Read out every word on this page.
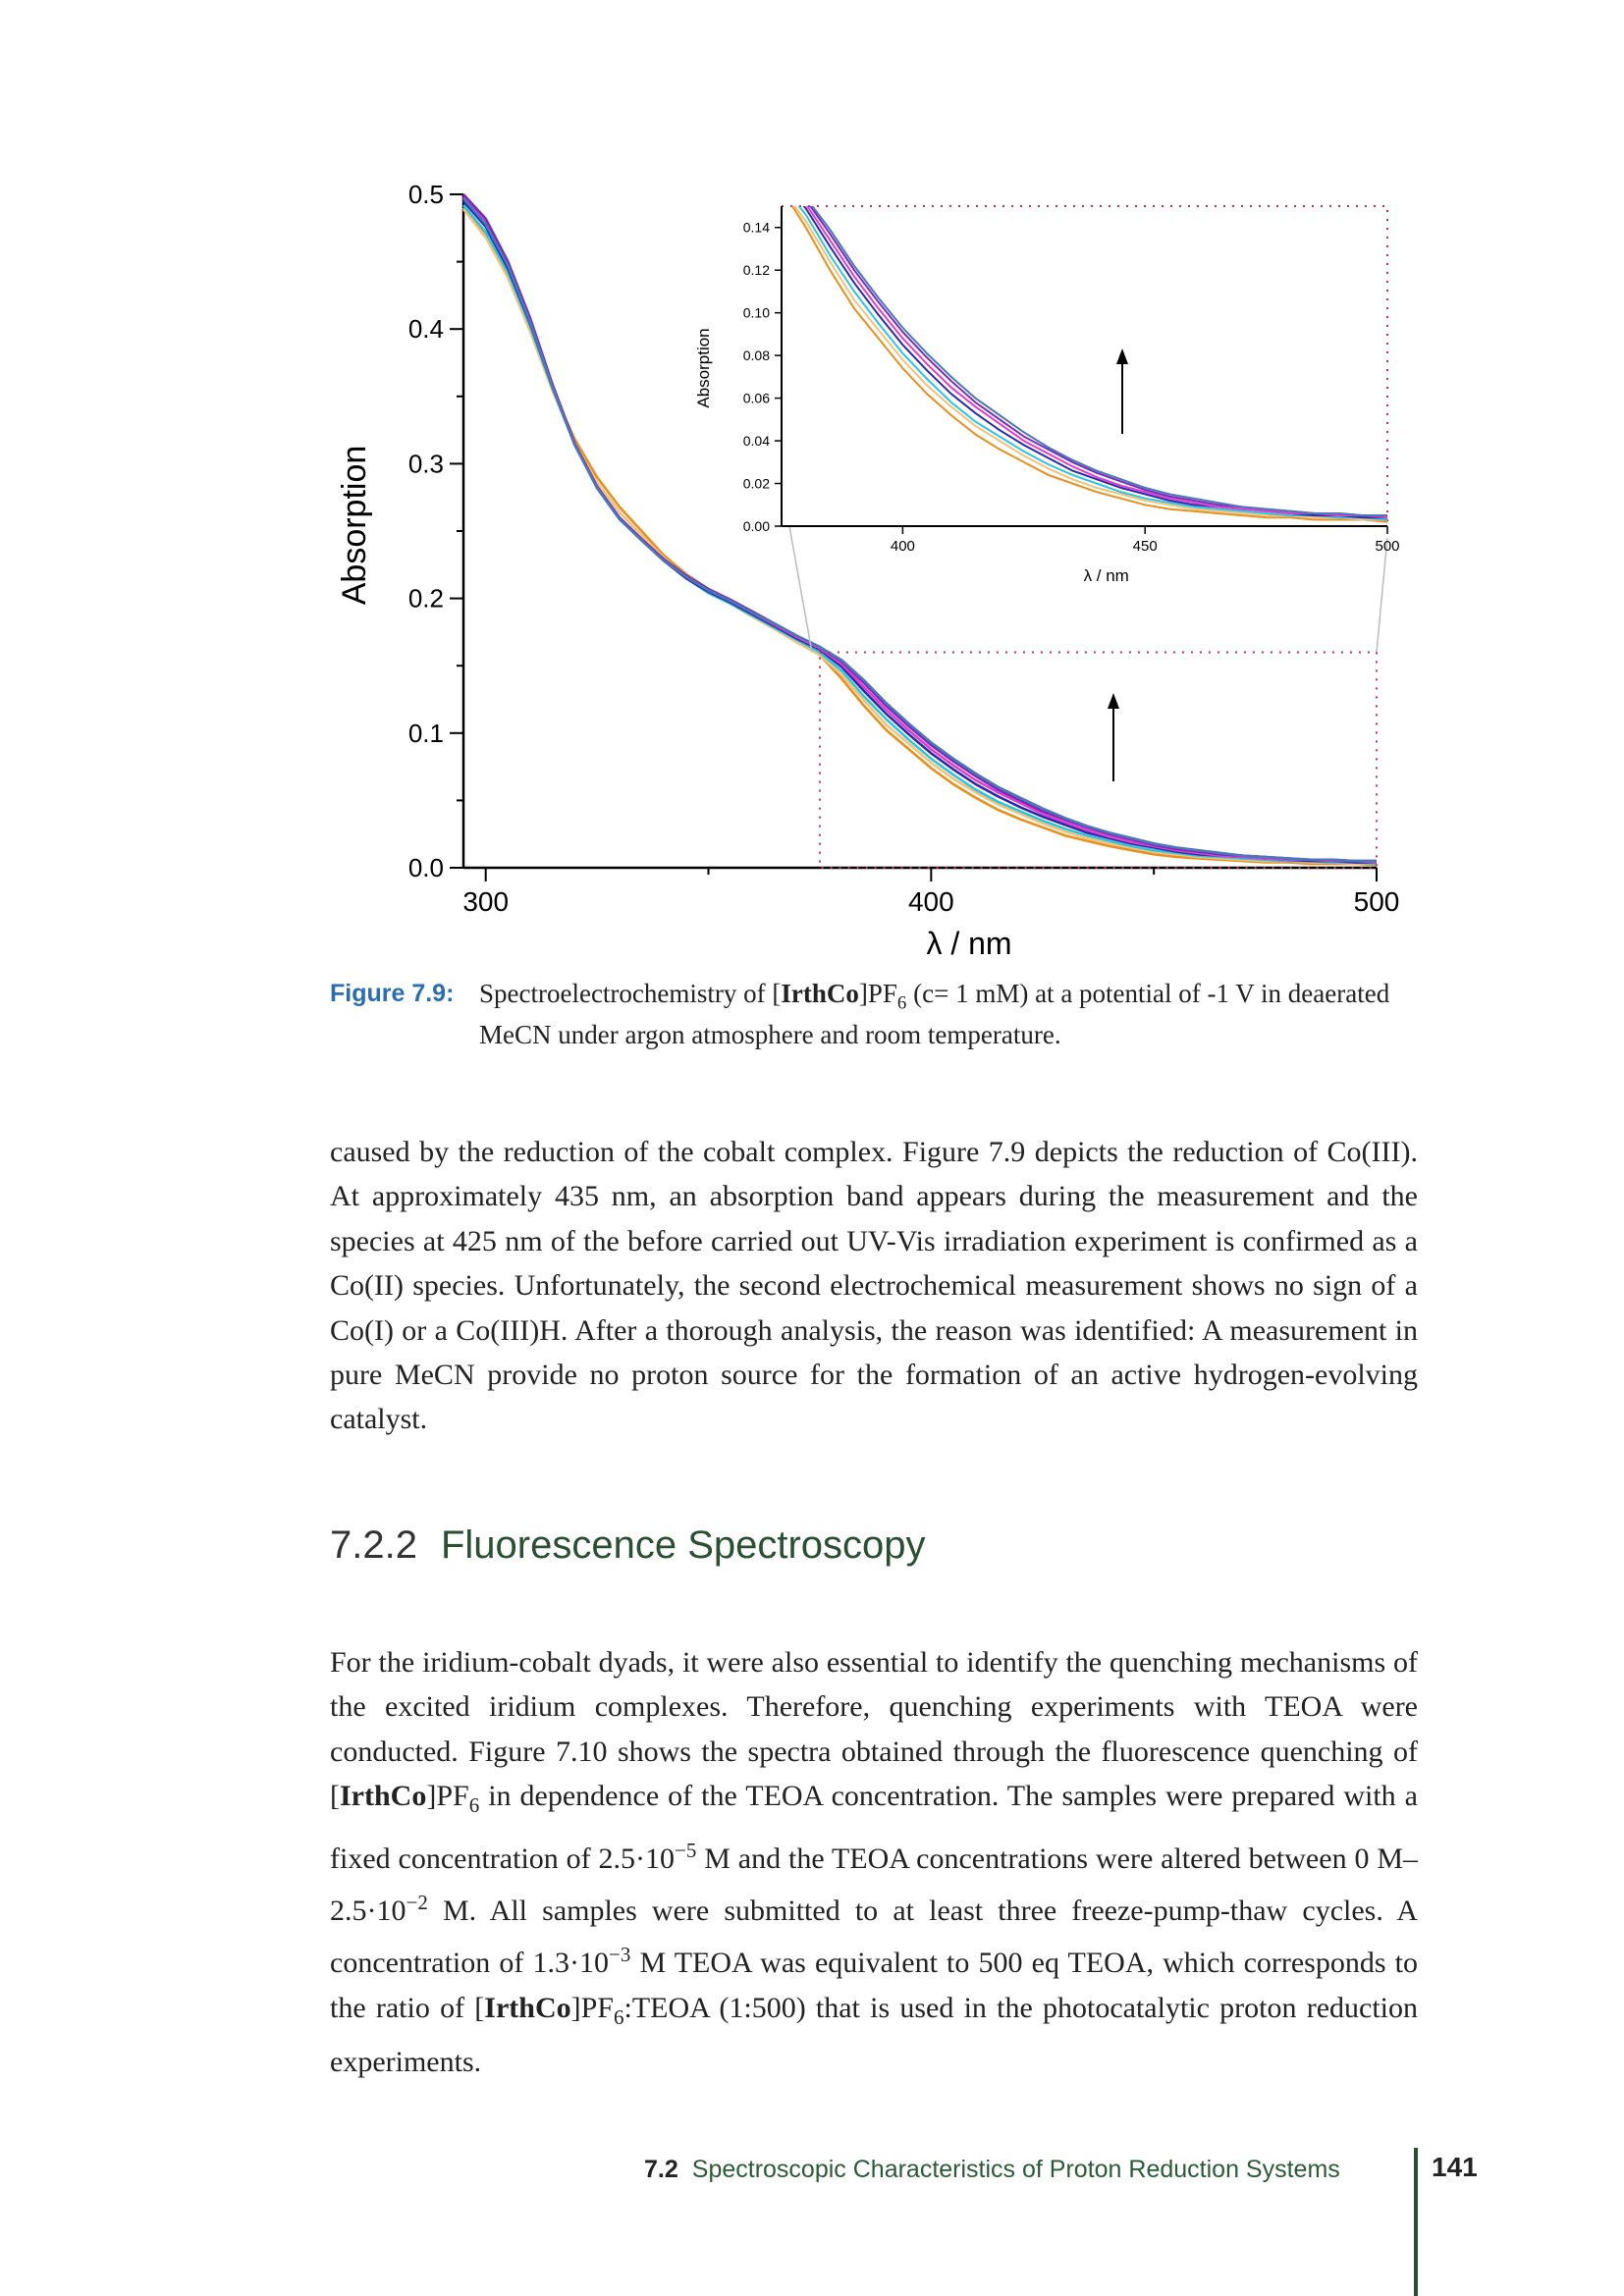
0.0
0.1
0.2
0.3
0.4
0.5
300	400	500
λ / nm
Absorption	0.00
0.02
0.04
0.06
0.08
0.10
0.12
0.14
400	450	500
λ / nm
Absorption
Figure 7.9: Spectroelectrochemistry of $[IrthCo]PF_6$ (c= 1 mM) at a potential of -1 V in deaerated MeCN under argon atmosphere and room temperature.
caused by the reduction of the cobalt complex. Figure 7.9 depicts the reduction of Co(III). At approximately 435 nm, an absorption band appears during the measurement and the species at 425 nm of the before carried out UV-Vis irradiation experiment is confirmed as a Co(II) species. Unfortunately, the second electrochemical measurement shows no sign of a Co(I) or a Co(III)H. After a thorough analysis, the reason was identified: A measurement in pure MeCN provide no proton source for the formation of an active hydrogen-evolving catalyst.
7.2.2 Fluorescence Spectroscopy
For the iridium-cobalt dyads, it were also essential to identify the quenching mechanisms of the excited iridium complexes. Therefore, quenching experiments with TEOA were conducted. Figure 7.10 shows the spectra obtained through the fluorescence quenching of $[IrthCo]PF_6$ in dependence of the TEOA concentration. The samples were prepared with a fixed concentration of $2.5\cdot 10^{-5}$ M and the TEOA concentrations were altered between 0 $M-2.5\cdot 10^{-2}$ M. All samples were submitted to at least three freeze-pump-thaw cycles. A concentration of $1.3\cdot 10^{-3}$ M TEOA was equivalent to 500 eq TEOA, which corresponds to the ratio of $[IrthCo]PF_6:TEOA$ (1:500) that is used in the photocatalytic proton reduction experiments.
7.2 Spectroscopic Characteristics of Proton Reduction Systems	141
